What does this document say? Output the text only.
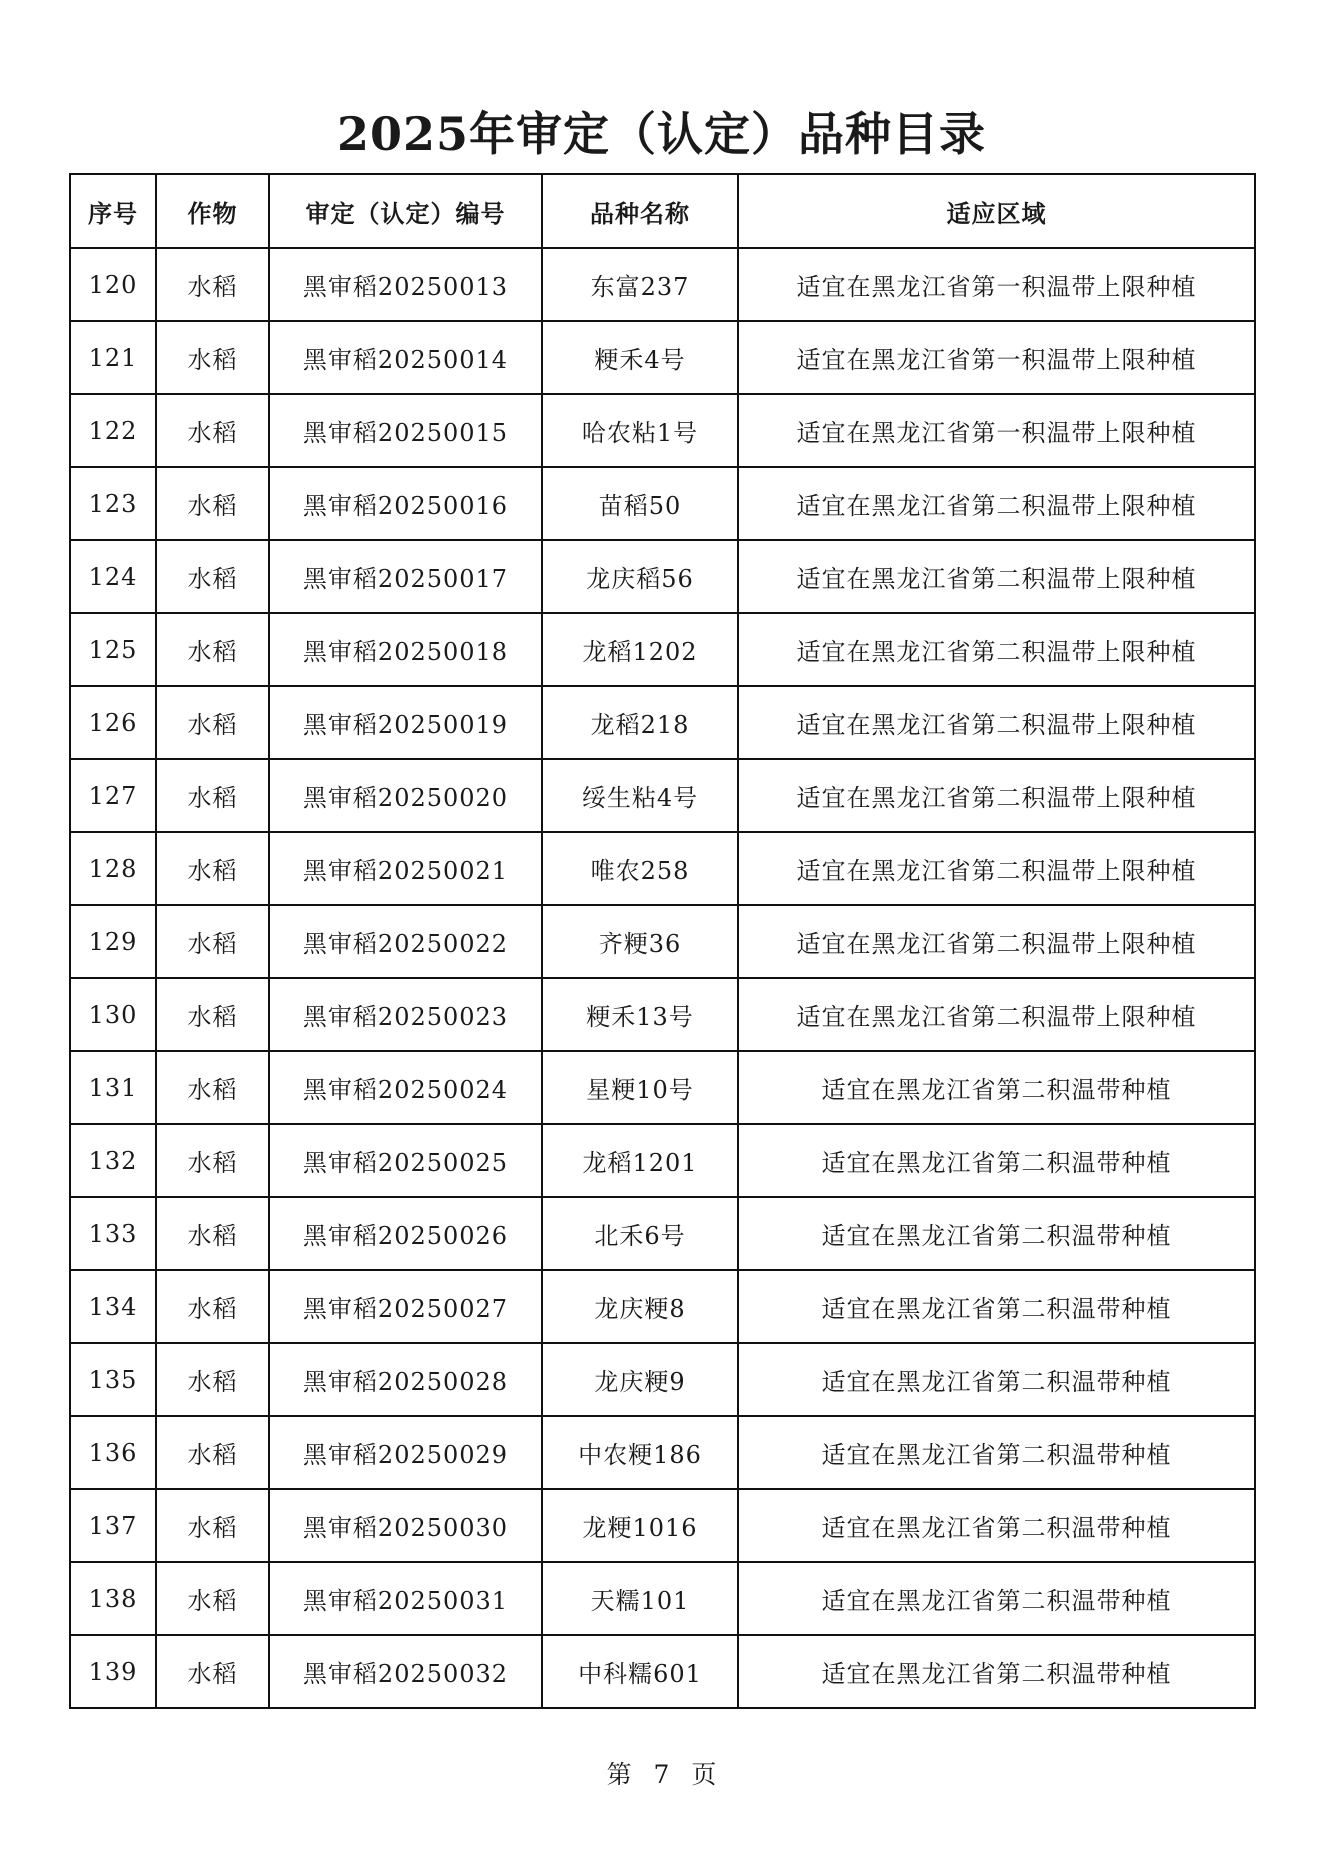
2025年审定（认定）品种目录
序号	作物	审定（认定）编号	品种名称	适应区域
120	水稻	黑审稻20250013	东富237	适宜在黑龙江省第一积温带上限种植
121	水稻	黑审稻20250014	粳禾4号	适宜在黑龙江省第一积温带上限种植
122	水稻	黑审稻20250015	哈农粘1号	适宜在黑龙江省第一积温带上限种植
123	水稻	黑审稻20250016	苗稻50	适宜在黑龙江省第二积温带上限种植
124	水稻	黑审稻20250017	龙庆稻56	适宜在黑龙江省第二积温带上限种植
125	水稻	黑审稻20250018	龙稻1202	适宜在黑龙江省第二积温带上限种植
126	水稻	黑审稻20250019	龙稻218	适宜在黑龙江省第二积温带上限种植
127	水稻	黑审稻20250020	绥生粘4号	适宜在黑龙江省第二积温带上限种植
128	水稻	黑审稻20250021	唯农258	适宜在黑龙江省第二积温带上限种植
129	水稻	黑审稻20250022	齐粳36	适宜在黑龙江省第二积温带上限种植
130	水稻	黑审稻20250023	粳禾13号	适宜在黑龙江省第二积温带上限种植
131	水稻	黑审稻20250024	星粳10号	适宜在黑龙江省第二积温带种植
132	水稻	黑审稻20250025	龙稻1201	适宜在黑龙江省第二积温带种植
133	水稻	黑审稻20250026	北禾6号	适宜在黑龙江省第二积温带种植
134	水稻	黑审稻20250027	龙庆粳8	适宜在黑龙江省第二积温带种植
135	水稻	黑审稻20250028	龙庆粳9	适宜在黑龙江省第二积温带种植
136	水稻	黑审稻20250029	中农粳186	适宜在黑龙江省第二积温带种植
137	水稻	黑审稻20250030	龙粳1016	适宜在黑龙江省第二积温带种植
138	水稻	黑审稻20250031	天糯101	适宜在黑龙江省第二积温带种植
139	水稻	黑审稻20250032	中科糯601	适宜在黑龙江省第二积温带种植
第 7 页
